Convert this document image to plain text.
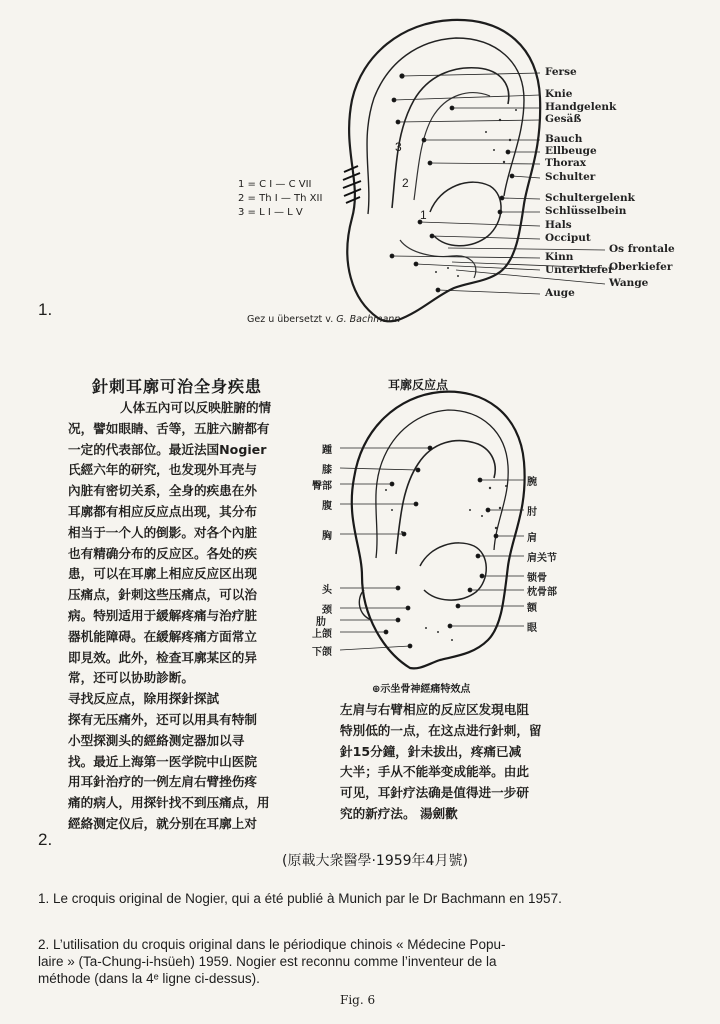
3
2
1
1 = C I — C VII
2 = Th I — Th XII
3 = L I — L V
Ferse
Knie
Handgelenk
Gesäß
Bauch
Ellbeuge
Thorax
Schulter
Schultergelenk
Schlüsselbein
Hals
Occiput
Kinn
Unterkiefer
Auge
Os frontale
Oberkiefer
Wange
1.
Gez u übersetzt v. G. Bachmann
針刺耳廓可治全身疾患
人体五內可以反映脏腑的情
况，譬如眼睛、舌等，五脏六腑都有
一定的代表部位。最近法国Nogier
氏經六年的研究，也发现外耳壳与
內脏有密切关系，全身的疾患在外
耳廓都有相应反应点出现，其分布
相当于一个人的倒影。对各个內脏
也有精确分布的反应区。各处的疾
患，可以在耳廓上相应反应区出现
压痛点，針刺这些压痛点，可以治
病。特别适用于緩解疼痛与治疗脏
器机能障碍。在緩解疼痛方面常立
即見效。此外，检查耳廓某区的异
常，还可以协助診断。
寻找反应点，除用探針探試
探有无压痛外，还可以用具有特制
小型探測头的經絡测定器加以寻
找。最近上海第一医学院中山医院
用耳針治疗的一例左肩右臂挫伤疼
痛的病人，用探针找不到压痛点，用
經絡测定仪后，就分别在耳廓上对
耳廓反应点
踵
膝
臀部
腹
胸
头
颈
肋
上颌
下颌
腕
肘
肩
肩关节
锁骨
枕骨部
额
眼
⊕示坐骨神經痛特效点
左肩与右臂相应的反应区发現电阻
特別低的一点，在这点进行針刺，留
針15分鐘，針未拔出，疼痛已减
大半；手从不能举变成能举。由此
可见，耳針疗法确是值得进一步研
究的新疗法。 湯劍歡
2.
(原載大衆醫學·1959年4月號)
1. Le croquis original de Nogier, qui a été publié à Munich par le Dr Bachmann en 1957.
2. L’utilisation du croquis original dans le périodique chinois « Médecine Popu-
laire » (Ta-Chung-i-hsüeh) 1959. Nogier est reconnu comme l’inventeur de la
méthode (dans la 4ᵉ ligne ci-dessus).
Fig. 6
